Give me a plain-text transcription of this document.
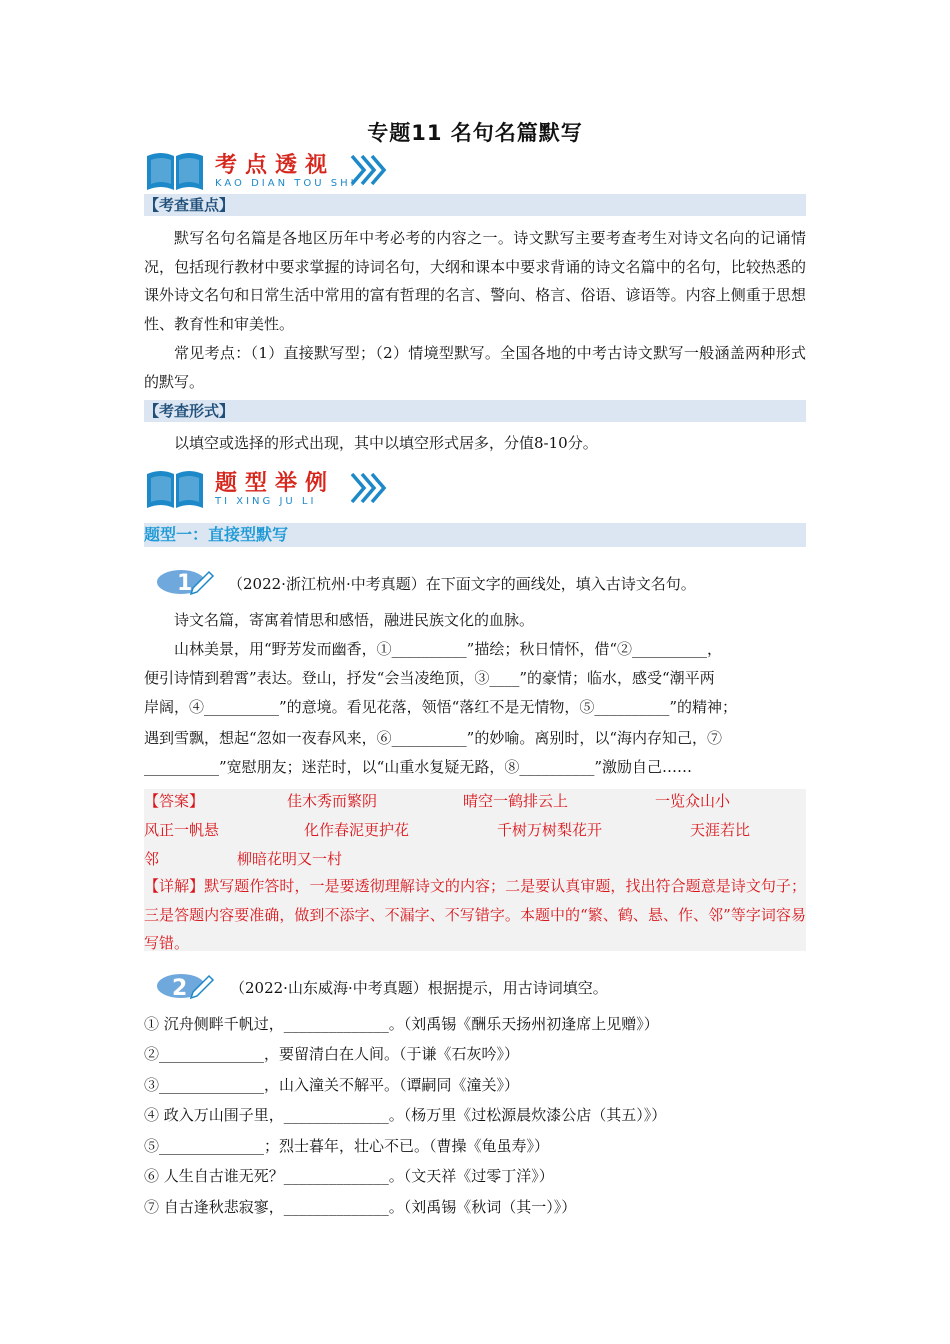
专题11 名句名篇默写
考点透视
KAO DIAN TOU SHI
【考查重点】
默写名句名篇是各地区历年中考必考的内容之一。诗文默写主要考查考生对诗文名向的记诵情况，包括现行教材中要求掌握的诗词名句，大纲和课本中要求背诵的诗文名篇中的名句，比较热悉的课外诗文名句和日常生活中常用的富有哲理的名言、警向、格言、俗语、谚语等。内容上侧重于思想性、教育性和审美性。
常见考点：（1）直接默写型；（2）情境型默写。全国各地的中考古诗文默写一般涵盖两种形式的默写。
【考查形式】
以填空或选择的形式出现，其中以填空形式居多，分值8-10分。
题型举例
TI XING JU LI
题型一：直接型默写
1 （2022·浙江杭州·中考真题）在下面文字的画线处，填入古诗文名句。
诗文名篇，寄寓着情思和感悟，融进民族文化的血脉。
山林美景，用“野芳发而幽香，①__________”描绘；秋日情怀，借“②__________，
便引诗情到碧霄”表达。登山，抒发“会当凌绝顶，③____”的豪情；临水，感受“潮平两
岸阔，④__________”的意境。看见花落，领悟“落红不是无情物，⑤__________”的精神；
遇到雪飘，想起“忽如一夜春风来，⑥__________”的妙喻。离别时，以“海内存知己，⑦
__________”宽慰朋友；迷茫时，以“山重水复疑无路，⑧__________”激励自己……
【答案】	佳木秀而繁阴	晴空一鹤排云上	一览众山小
风正一帆悬	化作春泥更护花	千树万树梨花开	天涯若比
邻	柳暗花明又一村
【详解】默写题作答时，一是要透彻理解诗文的内容；二是要认真审题，找出符合题意是诗文句子；三是答题内容要准确，做到不添字、不漏字、不写错字。本题中的“繁、鹤、悬、作、邻”等字词容易写错。
2	（2022·山东威海·中考真题）根据提示，用古诗词填空。
① 沉舟侧畔千帆过，______________。（刘禹锡《酬乐天扬州初逢席上见赠》）
②______________，要留清白在人间。（于谦《石灰吟》）
③______________，山入潼关不解平。（谭嗣同《潼关》）
④ 政入万山围子里，______________。（杨万里《过松源晨炊漆公店（其五）》）
⑤______________；烈士暮年，壮心不已。（曹操《龟虽寿》）
⑥ 人生自古谁无死？______________。（文天祥《过零丁洋》）
⑦ 自古逢秋悲寂寥，______________。（刘禹锡《秋词（其一）》）
